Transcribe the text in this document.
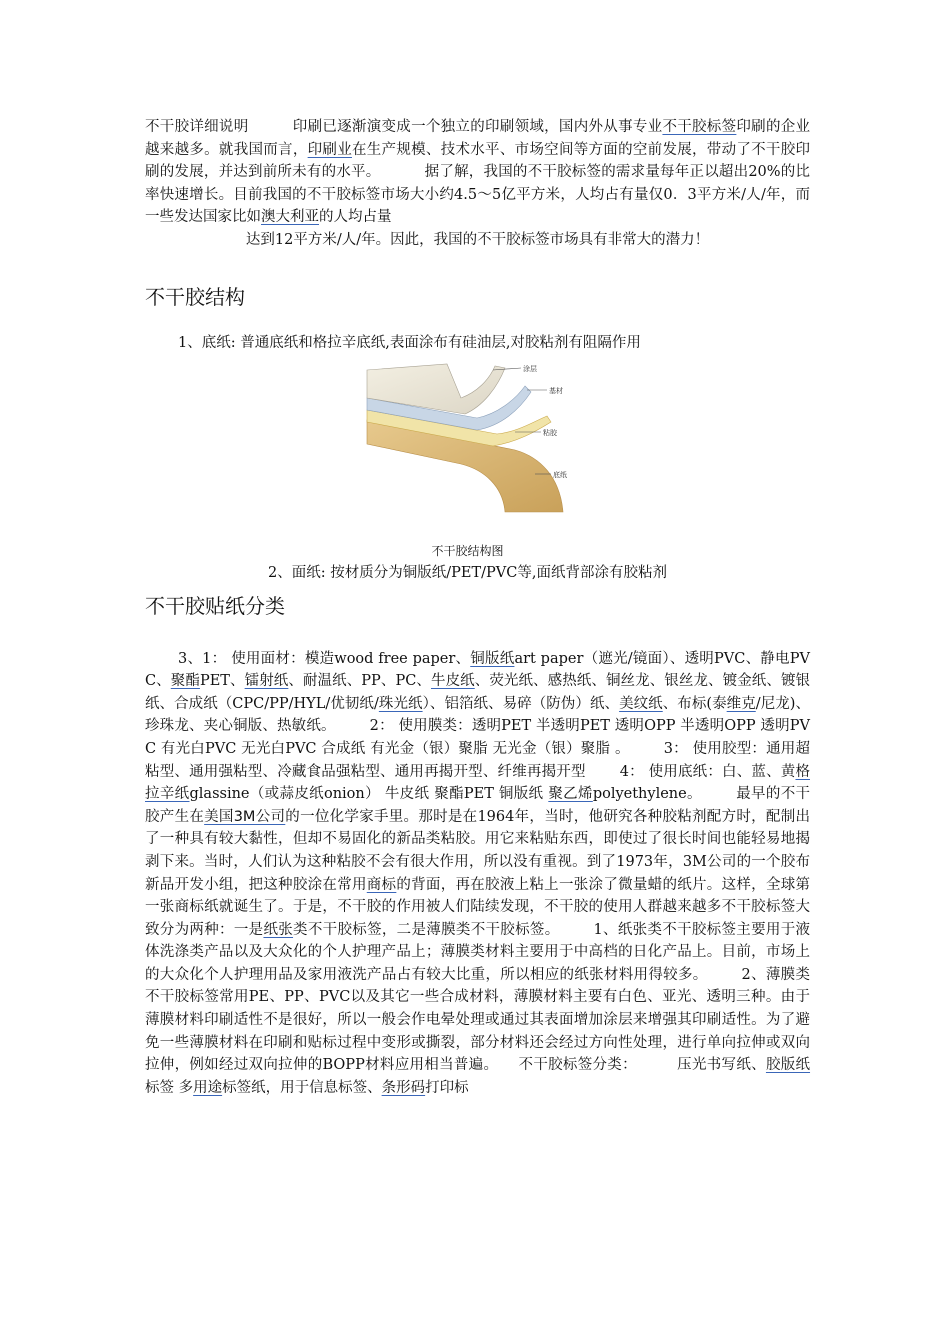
不干胶详细说明	印刷已逐渐演变成一个独立的印刷领域，国内外从事专业不干胶标签印刷的企业越来越多。就我国而言，印刷业在生产规模、技术水平、市场空间等方面的空前发展，带动了不干胶印刷的发展，并达到前所未有的水平。	据了解，我国的不干胶标签的需求量每年正以超出20%的比率快速增长。目前我国的不干胶标签市场大小约4.5～5亿平方米，人均占有量仅0．3平方米/人/年，而一些发达国家比如澳大利亚的人均占量

达到12平方米/人/年。因此，我国的不干胶标签市场具有非常大的潜力！

不干胶结构

1、底纸: 普通底纸和格拉辛底纸,表面涂布有硅油层,对胶粘剂有阻隔作用

涂层
基材
粘胶
底纸

不干胶结构图

2、面纸: 按材质分为铜版纸/PET/PVC等,面纸背部涂有胶粘剂

不干胶贴纸分类

3、1： 使用面材：模造wood free paper、铜版纸art paper（遮光/镜面）、透明PVC、静电PVC、聚酯PET、镭射纸、耐温纸、PP、PC、牛皮纸、荧光纸、感热纸、铜丝龙、银丝龙、镀金纸、镀银纸、合成纸（CPC/PP/HYL/优韧纸/珠光纸）、铝箔纸、易碎（防伪）纸、美纹纸、布标(泰维克/尼龙)、珍珠龙、夹心铜版、热敏纸。 2： 使用膜类：透明PET 半透明PET 透明OPP 半透明OPP 透明PVC 有光白PVC 无光白PVC 合成纸 有光金（银）聚脂 无光金（银）聚脂 。 3： 使用胶型：通用超粘型、通用强粘型、冷藏食品强粘型、通用再揭开型、纤维再揭开型 4： 使用底纸：白、蓝、黄格拉辛纸glassine（或蒜皮纸onion） 牛皮纸 聚酯PET 铜版纸 聚乙烯polyethylene。 最早的不干胶产生在美国3M公司的一位化学家手里。那时是在1964年，当时，他研究各种胶粘剂配方时，配制出了一种具有较大黏性，但却不易固化的新品类粘胶。用它来粘贴东西，即使过了很长时间也能轻易地揭剥下来。当时，人们认为这种粘胶不会有很大作用，所以没有重视。到了1973年，3M公司的一个胶布新品开发小组，把这种胶涂在常用商标的背面，再在胶液上粘上一张涂了微量蜡的纸片。这样，全球第一张商标纸就诞生了。于是，不干胶的作用被人们陆续发现，不干胶的使用人群越来越多不干胶标签大致分为两种：一是纸张类不干胶标签，二是薄膜类不干胶标签。 1、纸张类不干胶标签主要用于液体洗涤类产品以及大众化的个人护理产品上；薄膜类材料主要用于中高档的日化产品上。目前，市场上的大众化个人护理用品及家用液洗产品占有较大比重，所以相应的纸张材料用得较多。 2、薄膜类不干胶标签常用PE、PP、PVC以及其它一些合成材料，薄膜材料主要有白色、亚光、透明三种。由于薄膜材料印刷适性不是很好，所以一般会作电晕处理或通过其表面增加涂层来增强其印刷适性。为了避免一些薄膜材料在印刷和贴标过程中变形或撕裂，部分材料还会经过方向性处理，进行单向拉伸或双向拉伸，例如经过双向拉伸的BOPP材料应用相当普遍。 不干胶标签分类：	压光书写纸、胶版纸标签 多用途标签纸，用于信息标签、条形码打印标
